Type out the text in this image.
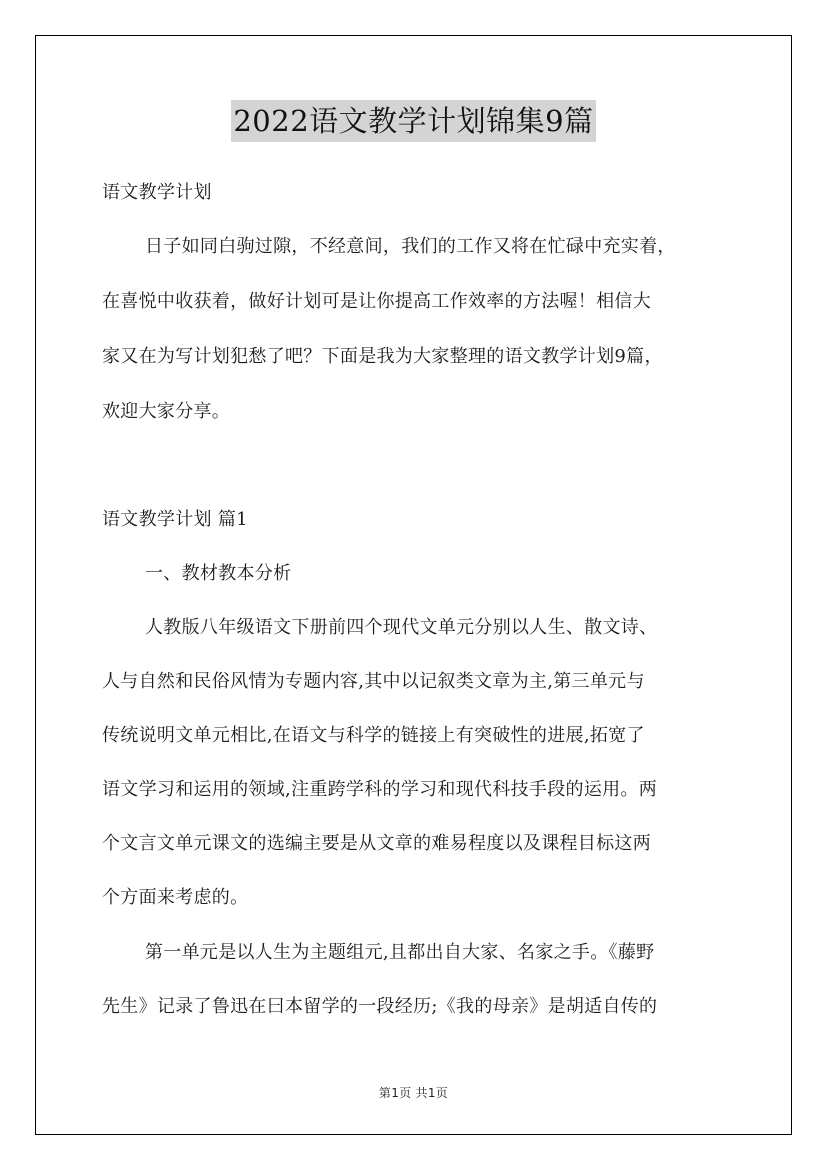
2022语文教学计划锦集9篇
语文教学计划
日子如同白驹过隙，不经意间，我们的工作又将在忙碌中充实着，
在喜悦中收获着，做好计划可是让你提高工作效率的方法喔！相信大
家又在为写计划犯愁了吧？下面是我为大家整理的语文教学计划9篇，
欢迎大家分享。
语文教学计划 篇1
一、教材教本分析
人教版八年级语文下册前四个现代文单元分别以人生、散文诗、
人与自然和民俗风情为专题内容,其中以记叙类文章为主,第三单元与
传统说明文单元相比,在语文与科学的链接上有突破性的进展,拓宽了
语文学习和运用的领域,注重跨学科的学习和现代科技手段的运用。两
个文言文单元课文的选编主要是从文章的难易程度以及课程目标这两
个方面来考虑的。
第一单元是以人生为主题组元,且都出自大家、名家之手。《藤野
先生》记录了鲁迅在曰本留学的一段经历;《我的母亲》是胡适自传的
第1页 共1页
